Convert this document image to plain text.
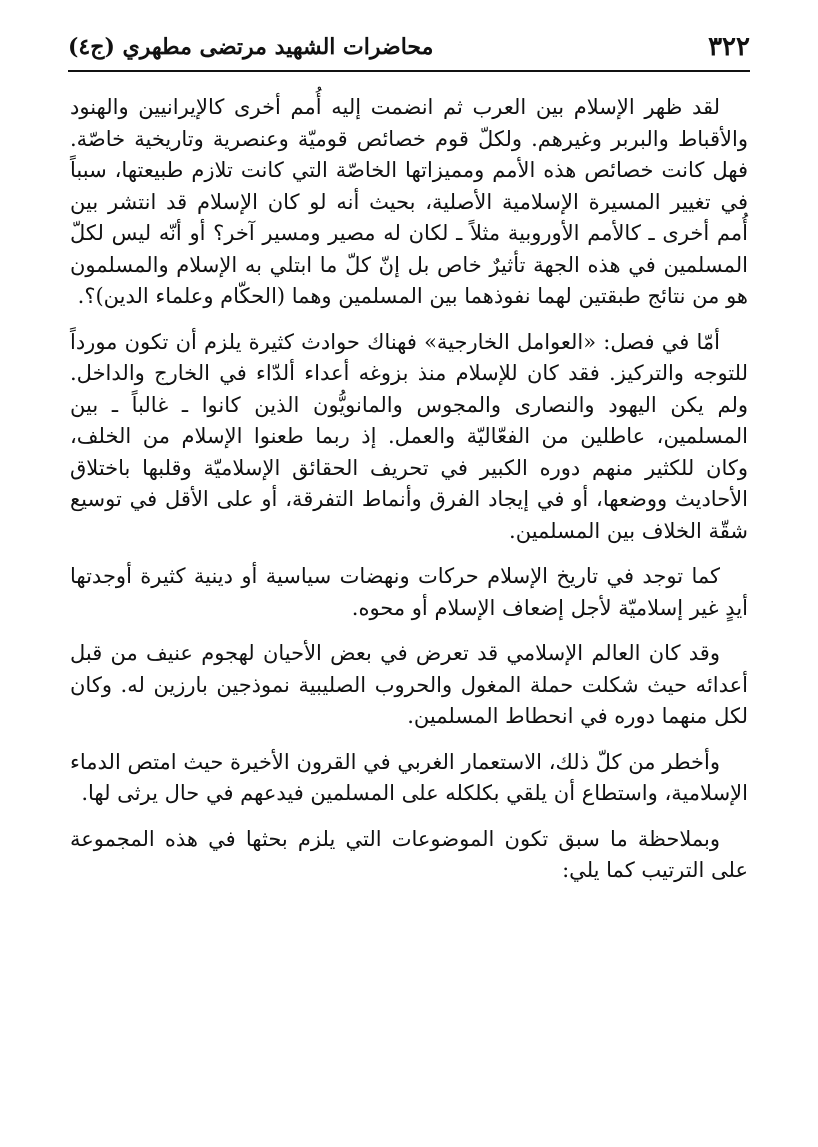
٣٢٢
محاضرات الشهيد مرتضى مطهري (ج٤)

لقد ظهر الإسلام بين العرب ثم انضمت إليه أُمم أخرى كالإيرانيين والهنود والأقباط والبربر وغيرهم. ولكلّ قوم خصائص قوميّة وعنصرية وتاريخية خاصّة. فهل كانت خصائص هذه الأمم ومميزاتها الخاصّة التي كانت تلازم طبيعتها، سبباً في تغيير المسيرة الإسلامية الأصلية، بحيث أنه لو كان الإسلام قد انتشر بين أُمم أخرى ـ كالأمم الأوروبية مثلاً ـ لكان له مصير ومسير آخر؟ أو أنّه ليس لكلّ المسلمين في هذه الجهة تأثيرٌ خاص بل إنّ كلّ ما ابتلي به الإسلام والمسلمون هو من نتائج طبقتين لهما نفوذهما بين المسلمين وهما (الحكّام وعلماء الدين)؟.

أمّا في فصل: «العوامل الخارجية» فهناك حوادث كثيرة يلزم أن تكون مورداً للتوجه والتركيز. فقد كان للإسلام منذ بزوغه أعداء ألدّاء في الخارج والداخل. ولم يكن اليهود والنصارى والمجوس والمانويُّون الذين كانوا ـ غالباً ـ بين المسلمين، عاطلين من الفعّاليّة والعمل. إذ ربما طعنوا الإسلام من الخلف، وكان للكثير منهم دوره الكبير في تحريف الحقائق الإسلاميّة وقلبها باختلاق الأحاديث ووضعها، أو في إيجاد الفرق وأنماط التفرقة، أو على الأقل في توسيع شقّة الخلاف بين المسلمين.

كما توجد في تاريخ الإسلام حركات ونهضات سياسية أو دينية كثيرة أوجدتها أيدٍ غير إسلاميّة لأجل إضعاف الإسلام أو محوه.

وقد كان العالم الإسلامي قد تعرض في بعض الأحيان لهجوم عنيف من قبل أعدائه حيث شكلت حملة المغول والحروب الصليبية نموذجين بارزين له. وكان لكل منهما دوره في انحطاط المسلمين.

وأخطر من كلّ ذلك، الاستعمار الغربي في القرون الأخيرة حيث امتص الدماء الإسلامية، واستطاع أن يلقي بكلكله على المسلمين فيدعهم في حال يرثى لها.

وبملاحظة ما سبق تكون الموضوعات التي يلزم بحثها في هذه المجموعة على الترتيب كما يلي:
